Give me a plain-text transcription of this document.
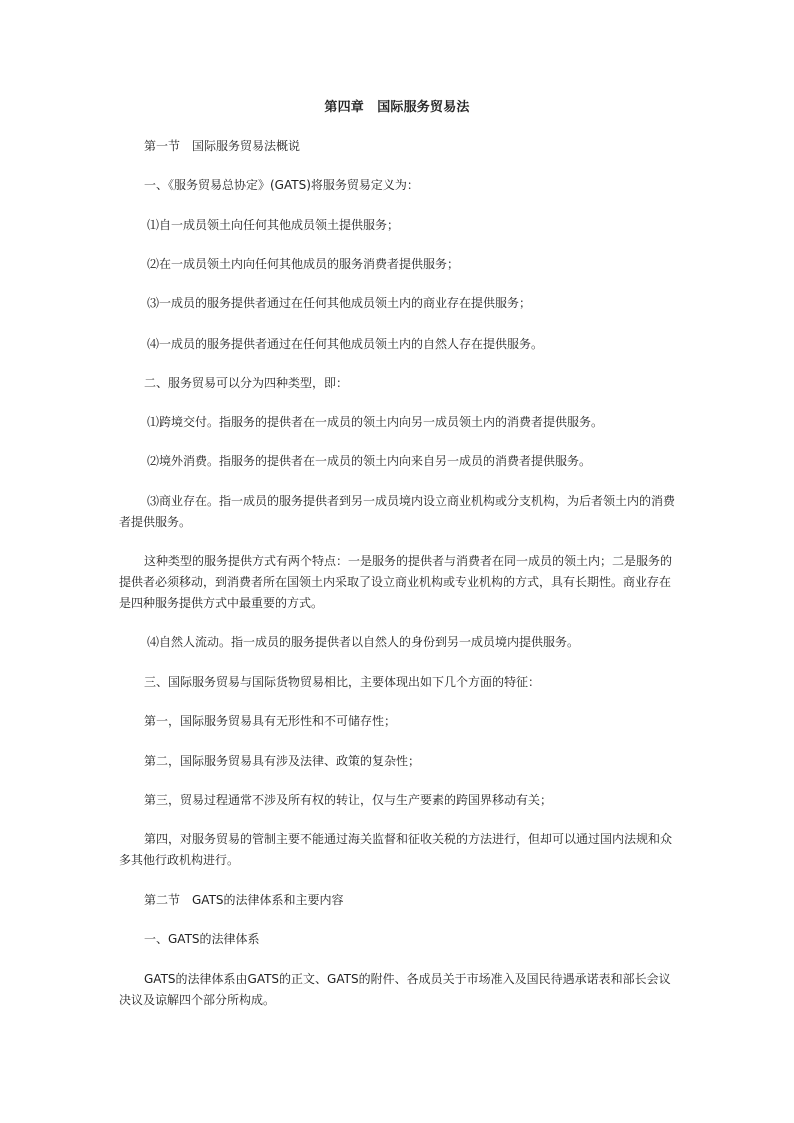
第四章　国际服务贸易法
第一节　国际服务贸易法概说
一、《服务贸易总协定》(GATS)将服务贸易定义为：
⑴自一成员领土向任何其他成员领土提供服务；
⑵在一成员领土内向任何其他成员的服务消费者提供服务；
⑶一成员的服务提供者通过在任何其他成员领土内的商业存在提供服务；
⑷一成员的服务提供者通过在任何其他成员领土内的自然人存在提供服务。
二、服务贸易可以分为四种类型，即：
⑴跨境交付。指服务的提供者在一成员的领土内向另一成员领土内的消费者提供服务。
⑵境外消费。指服务的提供者在一成员的领土内向来自另一成员的消费者提供服务。
⑶商业存在。指一成员的服务提供者到另一成员境内设立商业机构或分支机构，为后者领土内的消费者提供服务。
这种类型的服务提供方式有两个特点：一是服务的提供者与消费者在同一成员的领土内；二是服务的提供者必须移动，到消费者所在国领土内采取了设立商业机构或专业机构的方式，具有长期性。商业存在是四种服务提供方式中最重要的方式。
⑷自然人流动。指一成员的服务提供者以自然人的身份到另一成员境内提供服务。
三、国际服务贸易与国际货物贸易相比，主要体现出如下几个方面的特征：
第一，国际服务贸易具有无形性和不可储存性；
第二，国际服务贸易具有涉及法律、政策的复杂性；
第三，贸易过程通常不涉及所有权的转让，仅与生产要素的跨国界移动有关；
第四，对服务贸易的管制主要不能通过海关监督和征收关税的方法进行，但却可以通过国内法规和众多其他行政机构进行。
第二节　GATS的法律体系和主要内容
一、GATS的法律体系
GATS的法律体系由GATS的正文、GATS的附件、各成员关于市场准入及国民待遇承诺表和部长会议决议及谅解四个部分所构成。
